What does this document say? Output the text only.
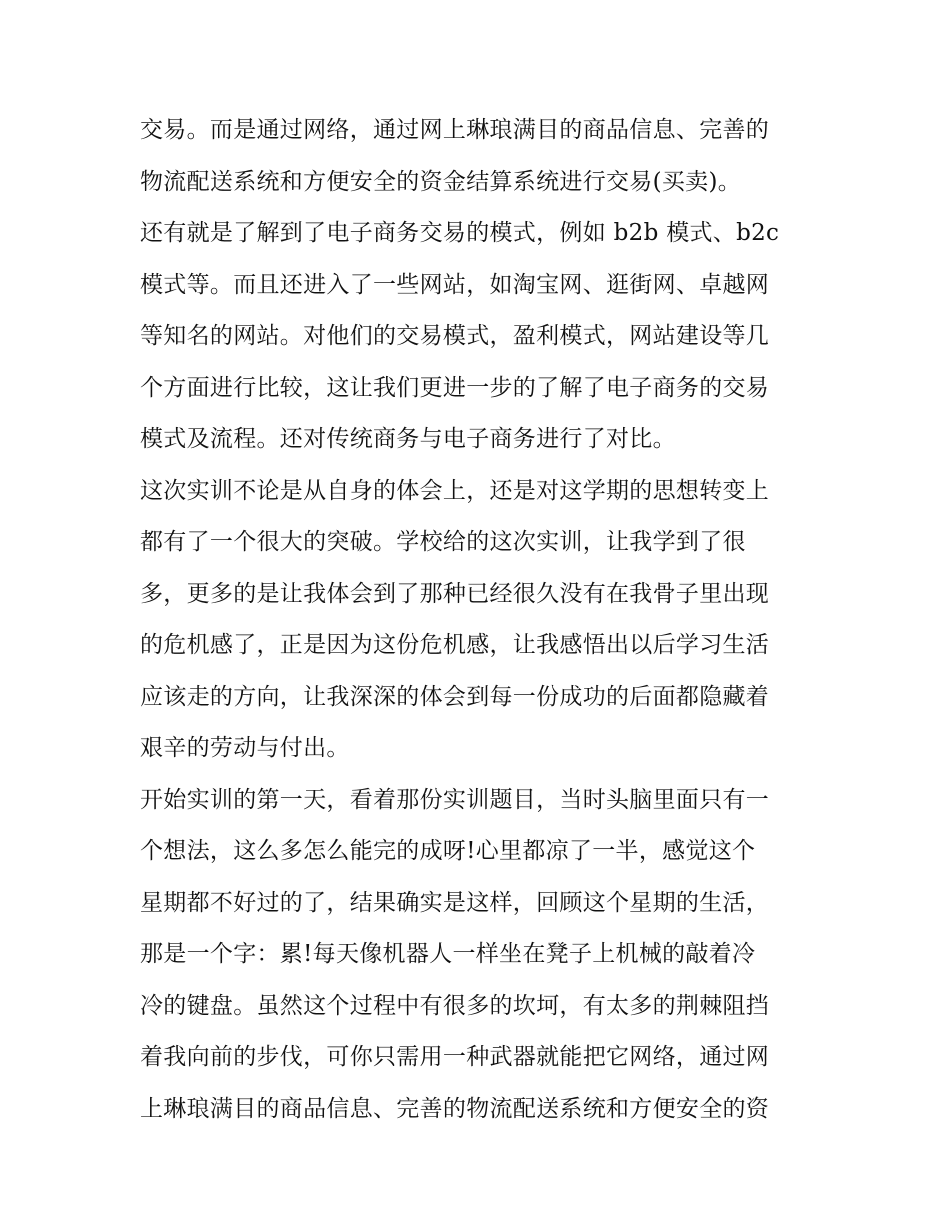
交易。而是通过网络，通过网上琳琅满目的商品信息、完善的
物流配送系统和方便安全的资金结算系统进行交易(买卖)。
还有就是了解到了电子商务交易的模式，例如 b2b 模式、b2c
模式等。而且还进入了一些网站，如淘宝网、逛街网、卓越网
等知名的网站。对他们的交易模式，盈利模式，网站建设等几
个方面进行比较，这让我们更进一步的了解了电子商务的交易
模式及流程。还对传统商务与电子商务进行了对比。
这次实训不论是从自身的体会上，还是对这学期的思想转变上
都有了一个很大的突破。学校给的这次实训，让我学到了很
多，更多的是让我体会到了那种已经很久没有在我骨子里出现
的危机感了，正是因为这份危机感，让我感悟出以后学习生活
应该走的方向，让我深深的体会到每一份成功的后面都隐藏着
艰辛的劳动与付出。
开始实训的第一天，看着那份实训题目，当时头脑里面只有一
个想法，这么多怎么能完的成呀!心里都凉了一半，感觉这个
星期都不好过的了，结果确实是这样，回顾这个星期的生活，
那是一个字：累!每天像机器人一样坐在凳子上机械的敲着冷
冷的键盘。虽然这个过程中有很多的坎坷，有太多的荆棘阻挡
着我向前的步伐，可你只需用一种武器就能把它网络，通过网
上琳琅满目的商品信息、完善的物流配送系统和方便安全的资
